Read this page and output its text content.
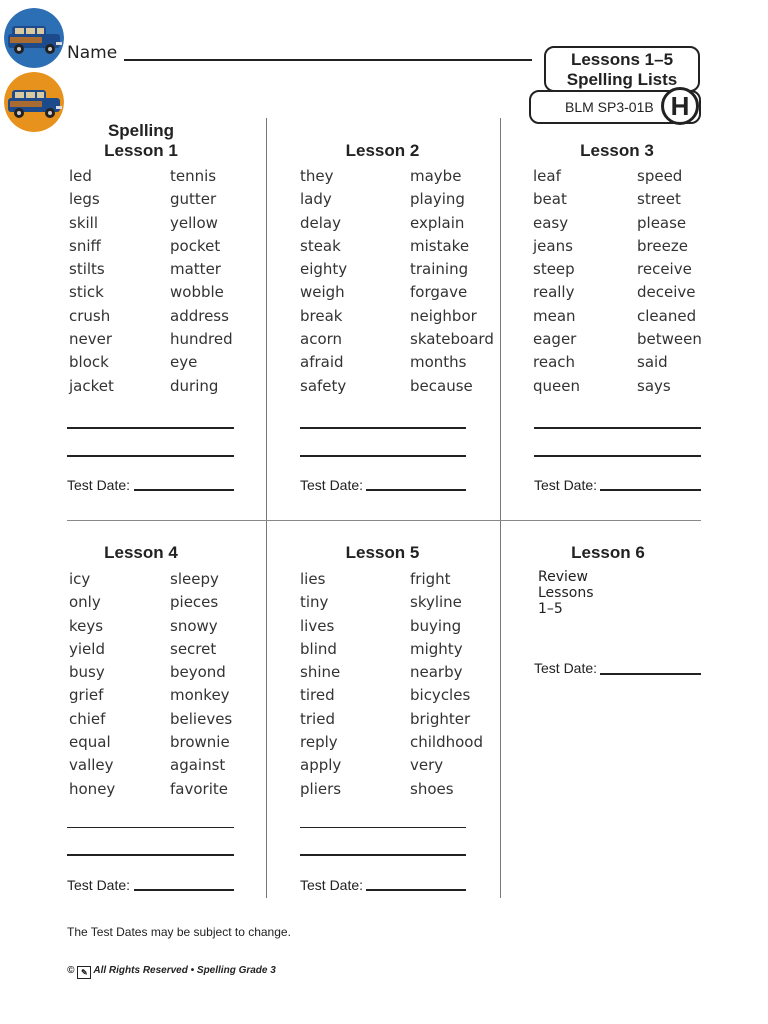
Name	Lessons 1–5
Spelling Lists
BLM SP3-01B H
Spelling
Lesson 1
led
legs
skill
sniff
stilts
stick
crush
never
block
jacket
tennis
gutter
yellow
pocket
matter
wobble
address
hundred
eye
during
Test Date:
Lesson 2
they
lady
delay
steak
eighty
weigh
break
acorn
afraid
safety
maybe
playing
explain
mistake
training
forgave
neighbor
skateboard
months
because
Test Date:
Lesson 3
leaf
beat
easy
jeans
steep
really
mean
eager
reach
queen
speed
street
please
breeze
receive
deceive
cleaned
between
said
says
Test Date:
Lesson 4
icy
only
keys
yield
busy
grief
chief
equal
valley
honey
sleepy
pieces
snowy
secret
beyond
monkey
believes
brownie
against
favorite
Test Date:
Lesson 5
lies
tiny
lives
blind
shine
tired
tried
reply
apply
pliers
fright
skyline
buying
mighty
nearby
bicycles
brighter
childhood
very
shoes
Test Date:
Lesson 6
Review Lessons 1–5
Test Date:
The Test Dates may be subject to change.
© ✎ All Rights Reserved • Spelling Grade 3
